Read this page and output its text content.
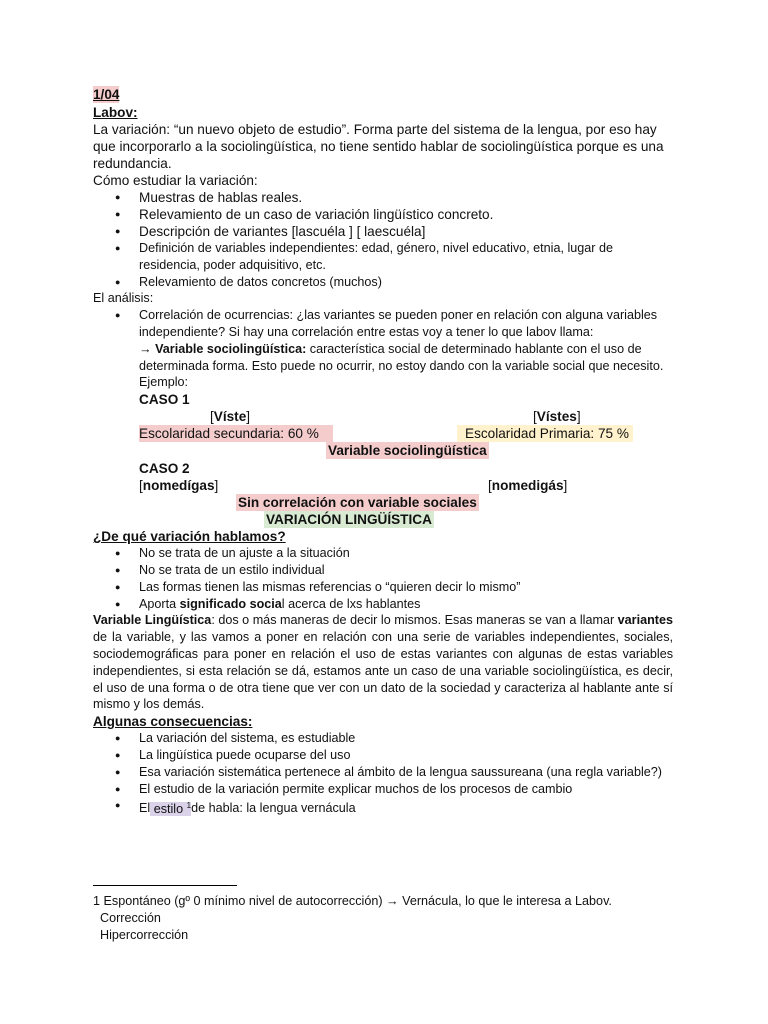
1/04
Labov:
La variación: “un nuevo objeto de estudio”. Forma parte del sistema de la lengua, por eso hay que incorporarlo a la sociolingüística, no tiene sentido hablar de sociolingüística porque es una redundancia.
Cómo estudiar la variación:
● Muestras de hablas reales.
● Relevamiento de un caso de variación lingüístico concreto.
● Descripción de variantes [lascuéla ] [ laescuéla]
● Definición de variables independientes: edad, género, nivel educativo, etnia, lugar de residencia, poder adquisitivo, etc.
● Relevamiento de datos concretos (muchos)
El análisis:
● Correlación de ocurrencias: ¿las variantes se pueden poner en relación con alguna variables independiente? Si hay una correlación entre estas voy a tener lo que labov llama:
→ Variable sociolingüística: característica social de determinado hablante con el uso de determinada forma. Esto puede no ocurrir, no estoy dando con la variable social que necesito.
Ejemplo:
CASO 1
[Víste]	[Vístes]
Escolaridad secundaria: 60 %	Escolaridad Primaria: 75 %
Variable sociolingüística
CASO 2
[nomedígas]	[nomedigás]
Sin correlación con variable sociales
VARIACIÓN LINGÜÍSTICA
¿De qué variación hablamos?
● No se trata de un ajuste a la situación
● No se trata de un estilo individual
● Las formas tienen las mismas referencias o “quieren decir lo mismo”
● Aporta significado social acerca de lxs hablantes
Variable Lingüística: dos o más maneras de decir lo mismos. Esas maneras se van a llamar variantes de la variable, y las vamos a poner en relación con una serie de variables independientes, sociales, sociodemográficas para poner en relación el uso de estas variantes con algunas de estas variables independientes, si esta relación se dá, estamos ante un caso de una variable sociolingüística, es decir, el uso de una forma o de otra tiene que ver con un dato de la sociedad y caracteriza al hablante ante sí mismo y los demás.
Algunas consecuencias:
● La variación del sistema, es estudiable
● La lingüística puede ocuparse del uso
● Esa variación sistemática pertenece al ámbito de la lengua saussureana (una regla variable?)
● El estudio de la variación permite explicar muchos de los procesos de cambio
● El estilo $^1$de habla: la lengua vernácula
1 Espontáneo (gº 0 mínimo nivel de autocorrección) → Vernácula, lo que le interesa a Labov.
Corrección
Hipercorrección
